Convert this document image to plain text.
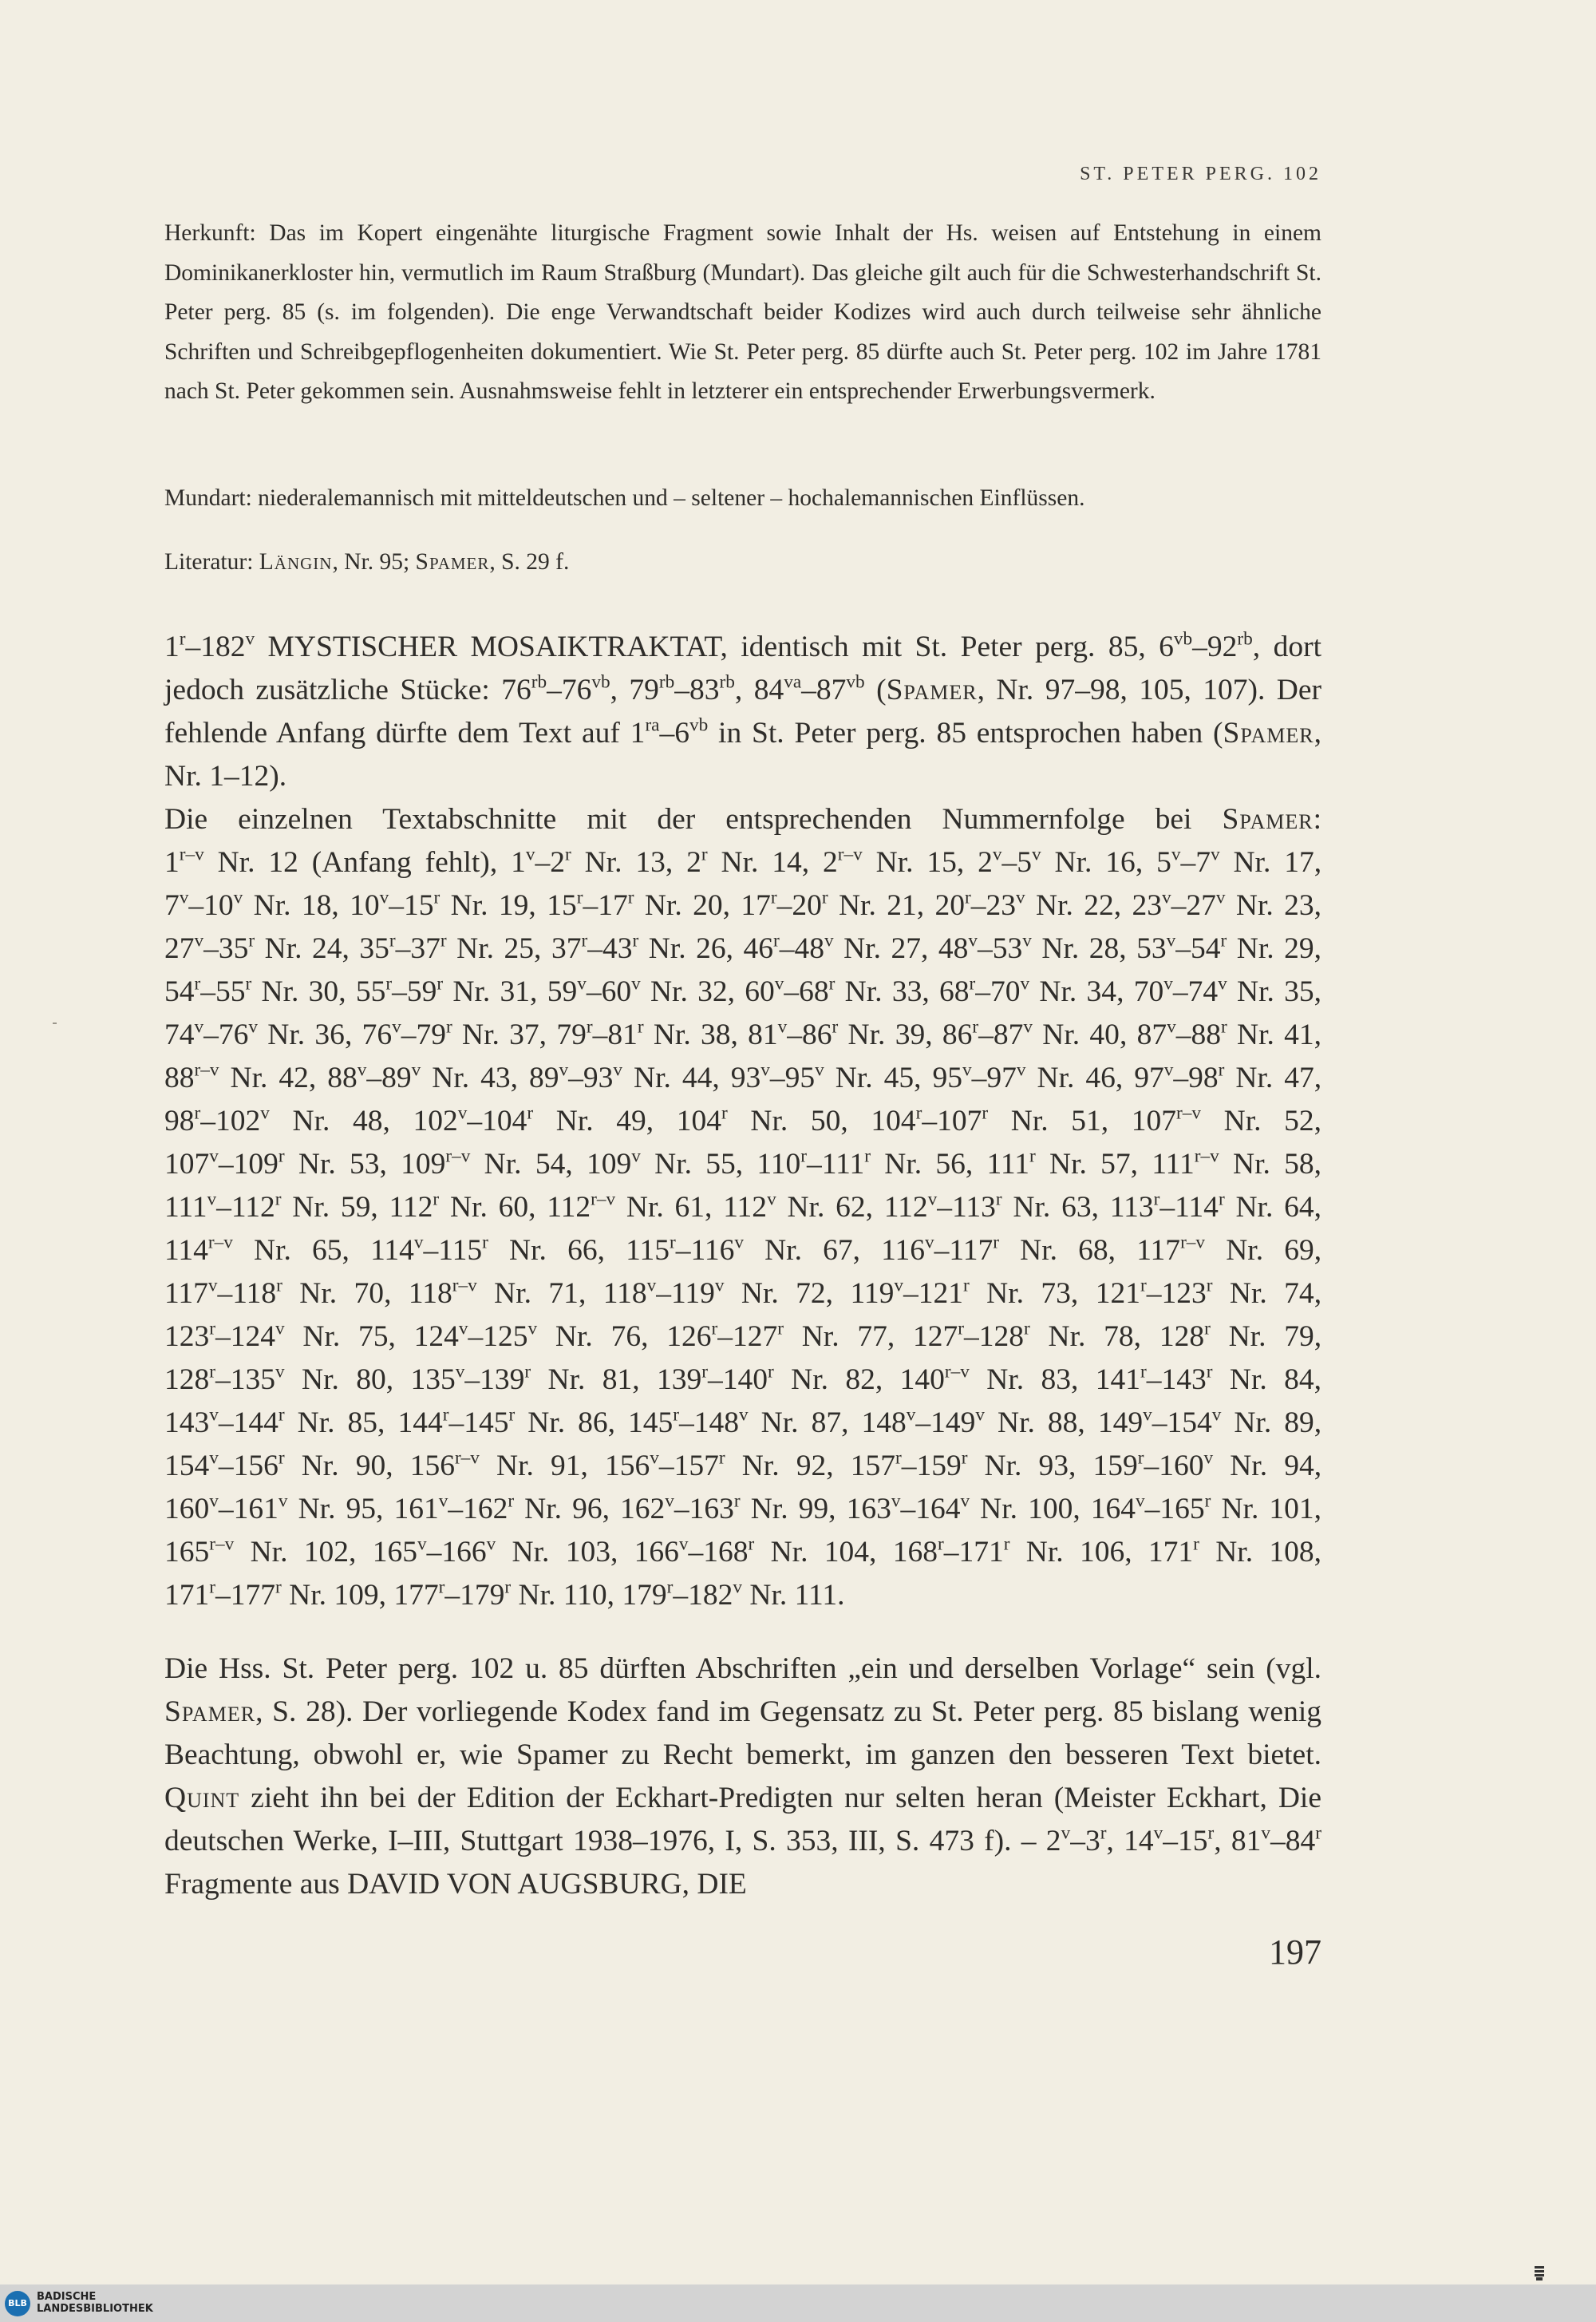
ST. PETER PERG. 102

Herkunft: Das im Kopert eingenähte liturgische Fragment sowie Inhalt der Hs. weisen auf Entstehung in einem Dominikanerkloster hin, vermutlich im Raum Straßburg (Mundart). Das gleiche gilt auch für die Schwesterhandschrift St. Peter perg. 85 (s. im folgenden). Die enge Verwandtschaft beider Kodizes wird auch durch teilweise sehr ähnliche Schriften und Schreibgepflogenheiten dokumentiert. Wie St. Peter perg. 85 dürfte auch St. Peter perg. 102 im Jahre 1781 nach St. Peter gekommen sein. Ausnahmsweise fehlt in letzterer ein entsprechender Erwerbungsvermerk.

Mundart: niederalemannisch mit mitteldeutschen und – seltener – hochalemannischen Einflüssen.

Literatur: Längin, Nr. 95; Spamer, S. 29 f.

1$^r$–182$^v$ MYSTISCHER MOSAIKTRAKTAT, identisch mit St. Peter perg. 85, $6^{vb}-92^{rb}$, dort jedoch zusätzliche Stücke: $76^{rb}-76^{vb}$, $79^{rb}-83^{rb}$, $84^{va}-87^{vb}$ (Spamer, Nr. 97–98, 105, 107). Der fehlende Anfang dürfte dem Text auf $1^{ra}-6^{vb}$ in St. Peter perg. 85 entsprochen haben (Spamer, Nr. 1–12).

Die einzelnen Textabschnitte mit der entsprechenden Nummernfolge bei Spamer: 1$^{r-v}$ Nr. 12 (Anfang fehlt), 1$^v$–2$^r$ Nr. 13, 2$^r$ Nr. 14, 2$^{r-v}$ Nr. 15, 2$^v$–5$^v$ Nr. 16, 5$^v$–7$^v$ Nr. 17, 7$^v$–10$^v$ Nr. 18, 10$^v$–15$^r$ Nr. 19, 15$^r$–17$^r$ Nr. 20, 17$^r$–20$^r$ Nr. 21, 20$^r$–23$^v$ Nr. 22, 23$^v$–27$^v$ Nr. 23, 27$^v$–35$^r$ Nr. 24, 35$^r$–37$^r$ Nr. 25, 37$^r$–43$^r$ Nr. 26, 46$^r$–48$^v$ Nr. 27, 48$^v$–53$^v$ Nr. 28, 53$^v$–54$^r$ Nr. 29, 54$^r$–55$^r$ Nr. 30, 55$^r$–59$^r$ Nr. 31, 59$^v$–60$^v$ Nr. 32, 60$^v$–68$^r$ Nr. 33, 68$^r$–70$^v$ Nr. 34, 70$^v$–74$^v$ Nr. 35, 74$^v$–76$^v$ Nr. 36, 76$^v$–79$^r$ Nr. 37, 79$^r$–81$^r$ Nr. 38, 81$^v$–86$^r$ Nr. 39, 86$^r$–87$^v$ Nr. 40, 87$^v$–88$^r$ Nr. 41, 88$^{r-v}$ Nr. 42, 88$^v$–89$^v$ Nr. 43, 89$^v$–93$^v$ Nr. 44, 93$^v$–95$^v$ Nr. 45, 95$^v$–97$^v$ Nr. 46, 97$^v$–98$^r$ Nr. 47, 98$^r$–102$^v$ Nr. 48, 102$^v$–104$^r$ Nr. 49, 104$^r$ Nr. 50, 104$^r$–107$^r$ Nr. 51, 107$^{r-v}$ Nr. 52, 107$^v$–109$^r$ Nr. 53, 109$^{r-v}$ Nr. 54, 109$^v$ Nr. 55, 110$^r$–111$^r$ Nr. 56, 111$^r$ Nr. 57, 111$^{r-v}$ Nr. 58, 111$^v$–112$^r$ Nr. 59, 112$^r$ Nr. 60, 112$^{r-v}$ Nr. 61, 112$^v$ Nr. 62, 112$^v$–113$^r$ Nr. 63, 113$^r$–114$^r$ Nr. 64, 114$^{r-v}$ Nr. 65, 114$^v$–115$^r$ Nr. 66, 115$^r$–116$^v$ Nr. 67, 116$^v$–117$^r$ Nr. 68, 117$^{r-v}$ Nr. 69, 117$^v$–118$^r$ Nr. 70, 118$^{r-v}$ Nr. 71, 118$^v$–119$^v$ Nr. 72, 119$^v$–121$^r$ Nr. 73, 121$^r$–123$^r$ Nr. 74, 123$^r$–124$^v$ Nr. 75, 124$^v$–125$^v$ Nr. 76, 126$^r$–127$^r$ Nr. 77, 127$^r$–128$^r$ Nr. 78, 128$^r$ Nr. 79, 128$^r$–135$^v$ Nr. 80, 135$^v$–139$^r$ Nr. 81, 139$^r$–140$^r$ Nr. 82, 140$^{r-v}$ Nr. 83, 141$^r$–143$^r$ Nr. 84, 143$^v$–144$^r$ Nr. 85, 144$^r$–145$^r$ Nr. 86, 145$^r$–148$^v$ Nr. 87, 148$^v$–149$^v$ Nr. 88, 149$^v$–154$^v$ Nr. 89, 154$^v$–156$^r$ Nr. 90, 156$^{r-v}$ Nr. 91, 156$^v$–157$^r$ Nr. 92, 157$^r$–159$^r$ Nr. 93, 159$^r$–160$^v$ Nr. 94, 160$^v$–161$^v$ Nr. 95, 161$^v$–162$^r$ Nr. 96, 162$^v$–163$^r$ Nr. 99, 163$^v$–164$^v$ Nr. 100, 164$^v$–165$^r$ Nr. 101, 165$^{r-v}$ Nr. 102, 165$^v$–166$^v$ Nr. 103, 166$^v$–168$^r$ Nr. 104, 168$^r$–171$^r$ Nr. 106, 171$^r$ Nr. 108, 171$^r$–177$^r$ Nr. 109, 177$^r$–179$^r$ Nr. 110, 179$^r$–182$^v$ Nr. 111.

Die Hss. St. Peter perg. 102 u. 85 dürften Abschriften „ein und derselben Vorlage“ sein (vgl. Spamer, S. 28). Der vorliegende Kodex fand im Gegensatz zu St. Peter perg. 85 bislang wenig Beachtung, obwohl er, wie Spamer zu Recht bemerkt, im ganzen den besseren Text bietet. Quint zieht ihn bei der Edition der Eckhart-Predigten nur selten heran (Meister Eckhart, Die deutschen Werke, I–III, Stuttgart 1938–1976, I, S. 353, III, S. 473 f). – 2$^v$–3$^r$, 14$^v$–15$^r$, 81$^v$–84$^r$ Fragmente aus DAVID VON AUGSBURG, DIE

197
BLB
BADISCHE
LANDESBIBLIOTHEK
